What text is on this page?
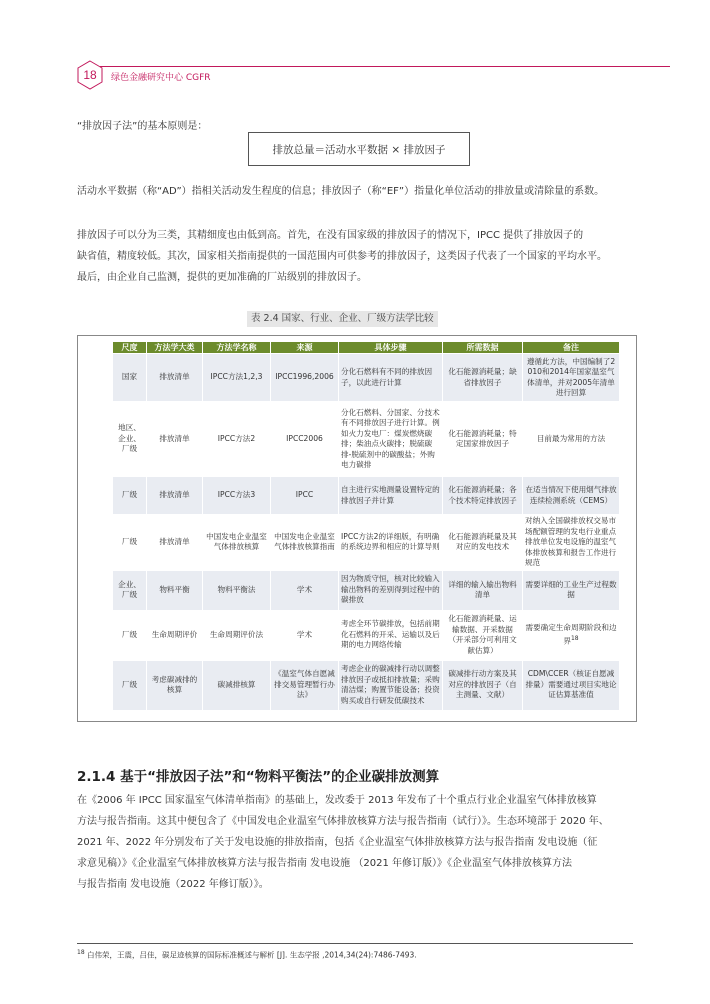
18 绿色金融研究中心 CGFR

“排放因子法”的基本原则是：

排放总量＝活动水平数据 × 排放因子

活动水平数据（称“AD”）指相关活动发生程度的信息；排放因子（称“EF”）指量化单位活动的排放量或清除量的系数。

排放因子可以分为三类，其精细度也由低到高。首先，在没有国家级的排放因子的情况下，IPCC 提供了排放因子的
缺省值，精度较低。其次，国家相关指南提供的一国范围内可供参考的排放因子，这类因子代表了一个国家的平均水平。
最后，由企业自己监测，提供的更加准确的厂站级别的排放因子。
表 2.4 国家、行业、企业、厂级方法学比较
尺度	方法学大类	方法学名称	来源	具体步骤	所需数据	备注
国家	排放清单	IPCC方法1,2,3	IPCC1996,2006	分化石燃料有不同的排放因子，以此进行计算	化石能源消耗量；缺省排放因子	遵循此方法，中国编制了2010和2014年国家温室气体清单，并对2005年清单进行回算
地区、企业、厂级	排放清单	IPCC方法2	IPCC2006	分化石燃料、分国家、分技术有不同排放因子进行计算。例如火力发电厂：煤炭燃烧碳排；柴油点火碳排；脱硫碳排-脱硫剂中的碳酸盐；外购电力碳排	化石能源消耗量；特定国家排放因子	目前最为常用的方法
厂级	排放清单	IPCC方法3	IPCC	自主进行实地测量设置特定的排放因子并计算	化石能源消耗量；各个技术特定排放因子	在适当情况下使用烟气排放连续检测系统（CEMS）
厂级	排放清单	中国发电企业温室气体排放核算	中国发电企业温室气体排放核算指南	IPCC方法2的详细版，有明确的系统边界和相应的计算导则	化石能源消耗量及其对应的发电技术	对纳入全国碳排放权交易市场配额管理的发电行业重点排放单位发电设施的温室气体排放核算和报告工作进行规范
企业、厂级	物料平衡	物料平衡法	学术	因为物质守恒，核对比较输入输出物料的差别得到过程中的碳排放	详细的输入输出物料清单	需要详细的工业生产过程数据
厂级	生命周期评价	生命周期评价法	学术	考虑全环节碳排放，包括前期化石燃料的开采、运输以及后期的电力网络传输	化石能源消耗量、运输数据、开采数据（开采部分可利用文献估算）	需要确定生命周期阶段和边界$^{18}$
厂级	考虑碳减排的核算	碳减排核算	《温室气体自愿减排交易管理暂行办法》	考虑企业的碳减排行动以调整排放因子或抵扣排放量；采购清洁煤；购置节能设备；投资购买或自行研发低碳技术	碳减排行动方案及其对应的排放因子（自主测量、文献）	CDM\CCER（核证自愿减排量）需要通过项目实地论证估算基准值
2.1.4 基于“排放因子法”和“物料平衡法”的企业碳排放测算
在《2006 年 IPCC 国家温室气体清单指南》的基础上，发改委于 2013 年发布了十个重点行业企业温室气体排放核算
方法与报告指南。这其中便包含了《中国发电企业温室气体排放核算方法与报告指南（试行）》。生态环境部于 2020 年、
2021 年、2022 年分别发布了关于发电设施的排放指南，包括《企业温室气体排放核算方法与报告指南 发电设施（征
求意见稿）》《企业温室气体排放核算方法与报告指南 发电设施 （2021 年修订版）》《企业温室气体排放核算方法
与报告指南 发电设施（2022 年修订版）》。
$^{18}$ 白伟荣，王震，吕佳，碳足迹核算的国际标准概述与解析 [J]. 生态学报 ,2014,34(24):7486-7493.
